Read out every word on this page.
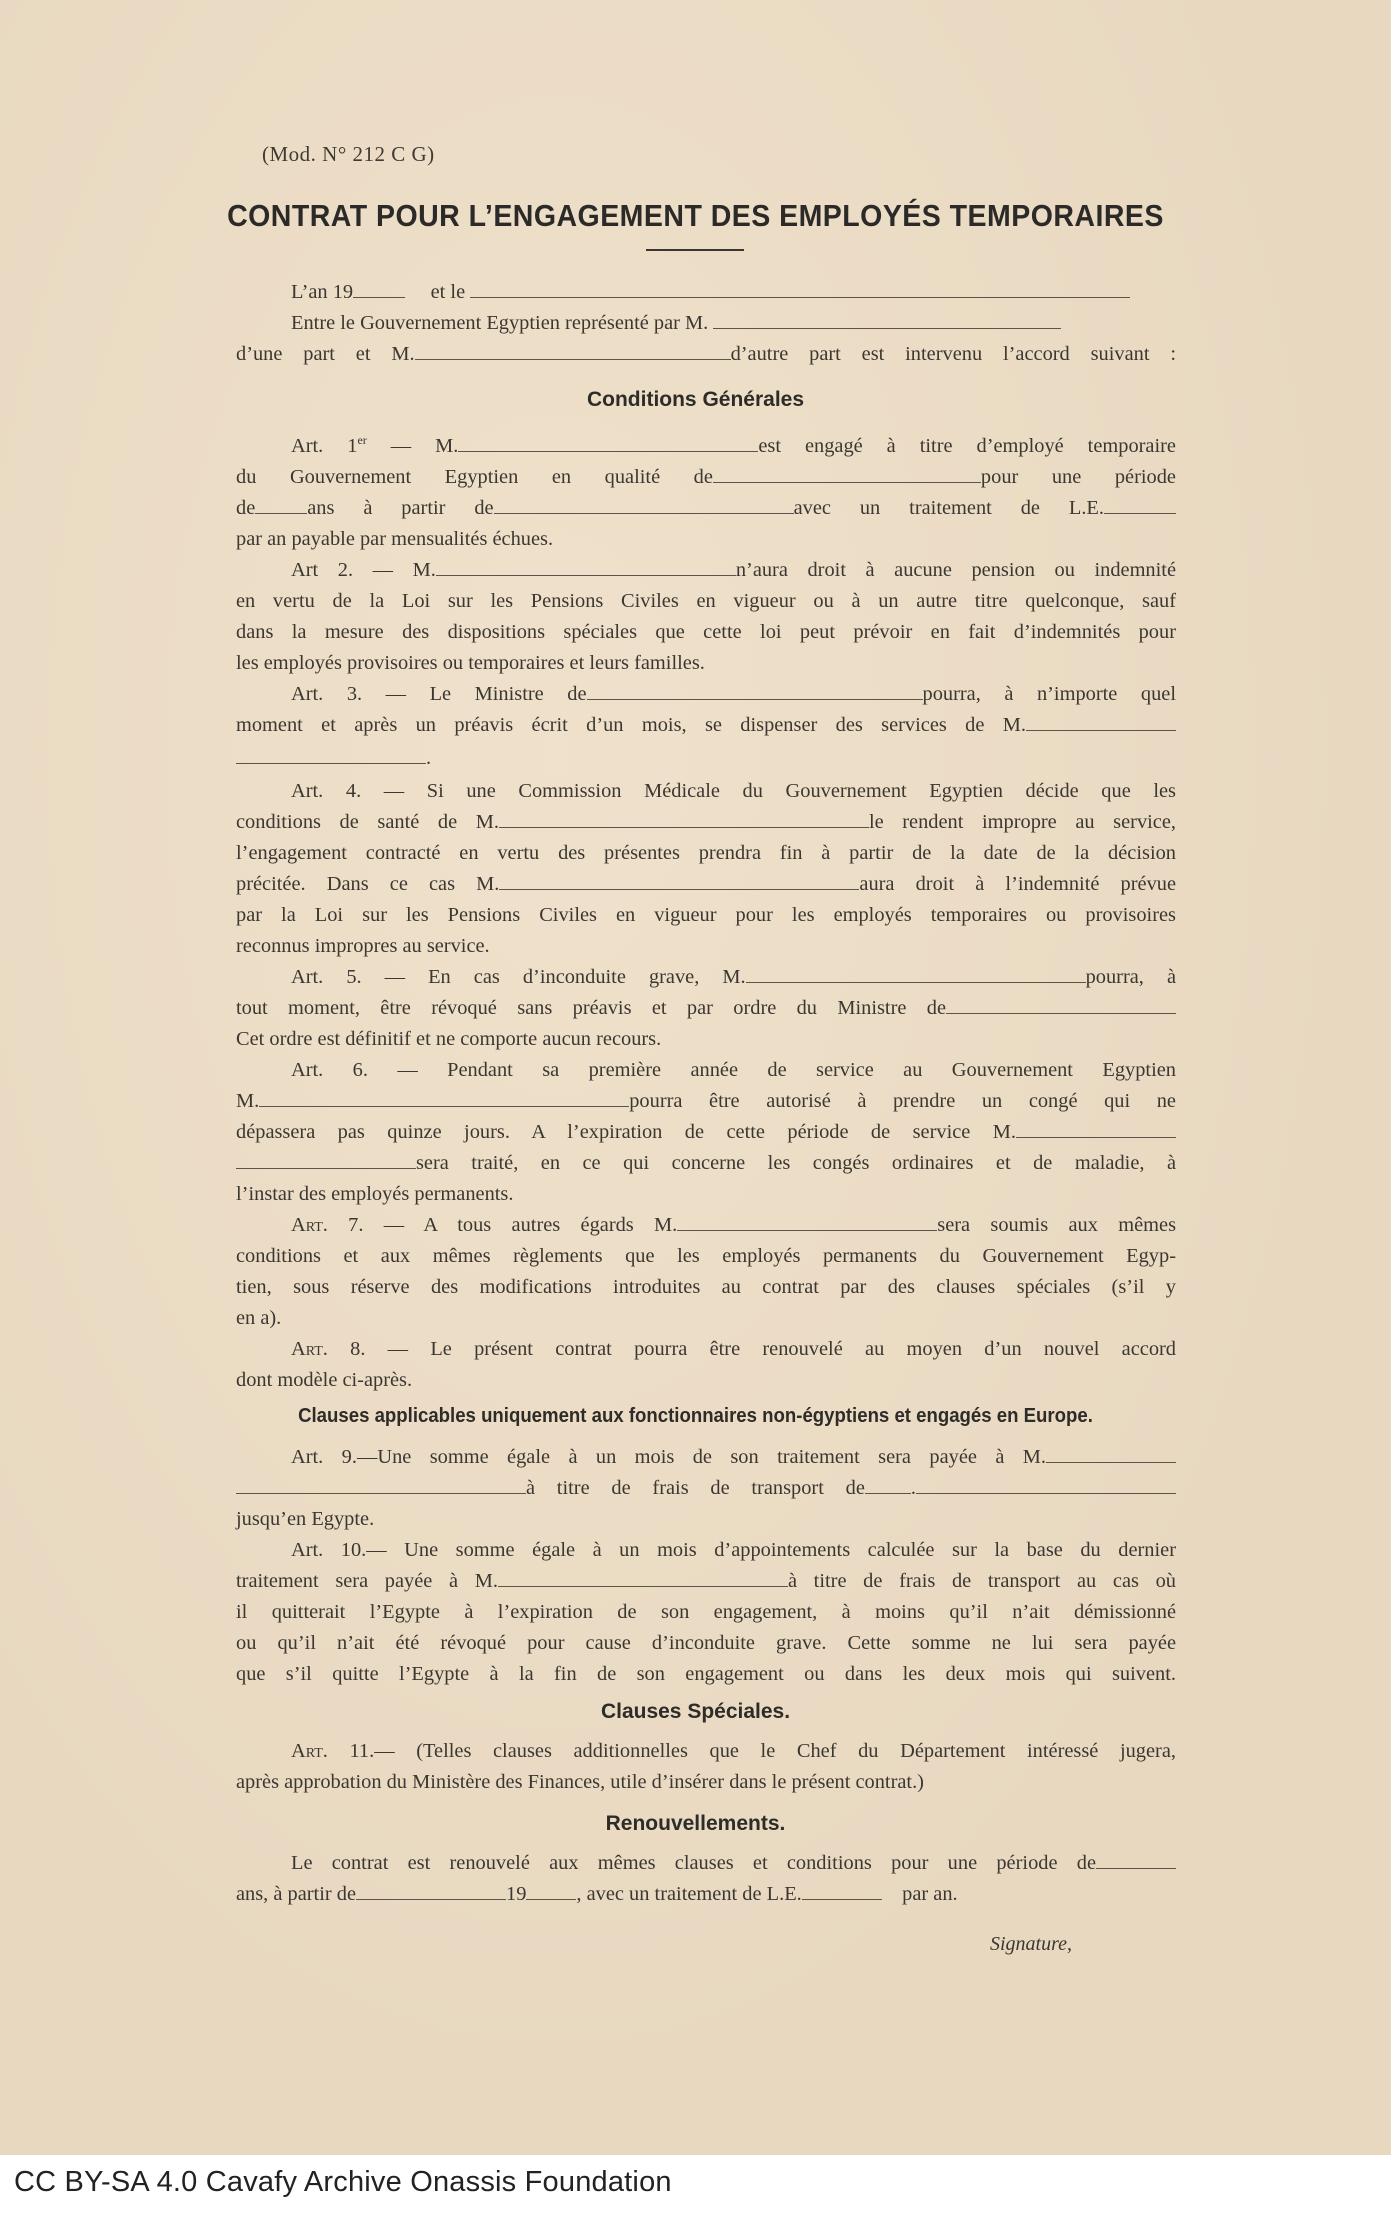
(Mod. N° 212 C G)
CONTRAT POUR L’ENGAGEMENT DES EMPLOYÉS TEMPORAIRES
L’an 19	et le
Entre le Gouvernement Egyptien représenté par M.
d’une part et M.	d’autre part est intervenu l’accord suivant :
Conditions Générales
Art. 1er — M.	est engagé à titre d’employé temporaire
du Gouvernement Egyptien en qualité de	pour une période
de	ans à partir de	avec un traitement de L.E.
par an payable par mensualités échues.
Art 2. — M.	n’aura droit à aucune pension ou indemnité
en vertu de la Loi sur les Pensions Civiles en vigueur ou à un autre titre quelconque, sauf
dans la mesure des dispositions spéciales que cette loi peut prévoir en fait d’indemnités pour
les employés provisoires ou temporaires et leurs familles.
Art. 3. — Le Ministre de	pourra, à n’importe quel
moment et après un préavis écrit d’un mois, se dispenser des services de M.
.
Art. 4. — Si une Commission Médicale du Gouvernement Egyptien décide que les
conditions de santé de M.	le rendent impropre au service,
l’engagement contracté en vertu des présentes prendra fin à partir de la date de la décision
précitée. Dans ce cas M.	aura droit à l’indemnité prévue
par la Loi sur les Pensions Civiles en vigueur pour les employés temporaires ou provisoires
reconnus impropres au service.
Art. 5. — En cas d’inconduite grave, M.	pourra, à
tout moment, être révoqué sans préavis et par ordre du Ministre de
Cet ordre est définitif et ne comporte aucun recours.
Art. 6. — Pendant sa première année de service au Gouvernement Egyptien
M.	pourra être autorisé à prendre un congé qui ne
dépassera pas quinze jours. A l’expiration de cette période de service M.
sera traité, en ce qui concerne les congés ordinaires et de maladie, à
l’instar des employés permanents.
Art. 7. — A tous autres égards M.	sera soumis aux mêmes
conditions et aux mêmes règlements que les employés permanents du Gouvernement Egyp-
tien, sous réserve des modifications introduites au contrat par des clauses spéciales (s’il y
en a).
Art. 8. — Le présent contrat pourra être renouvelé au moyen d’un nouvel accord
dont modèle ci-après.
Clauses applicables uniquement aux fonctionnaires non-égyptiens et engagés en Europe.
Art. 9.—Une somme égale à un mois de son traitement sera payée à M.
à titre de frais de transport de .
jusqu’en Egypte.
Art. 10.— Une somme égale à un mois d’appointements calculée sur la base du dernier
traitement sera payée à M.	à titre de frais de transport au cas où
il quitterait l’Egypte à l’expiration de son engagement, à moins qu’il n’ait démissionné
ou qu’il n’ait été révoqué pour cause d’inconduite grave. Cette somme ne lui sera payée
que s’il quitte l’Egypte à la fin de son engagement ou dans les deux mois qui suivent.
Clauses Spéciales.
Art. 11.— (Telles clauses additionnelles que le Chef du Département intéressé jugera,
après approbation du Ministère des Finances, utile d’insérer dans le présent contrat.)
Renouvellements.
Le contrat est renouvelé aux mêmes clauses et conditions pour une période de
ans, à partir de	19 , avec un traitement de L.E.	par an.
Signature,
CC BY-SA 4.0 Cavafy Archive Onassis Foundation
